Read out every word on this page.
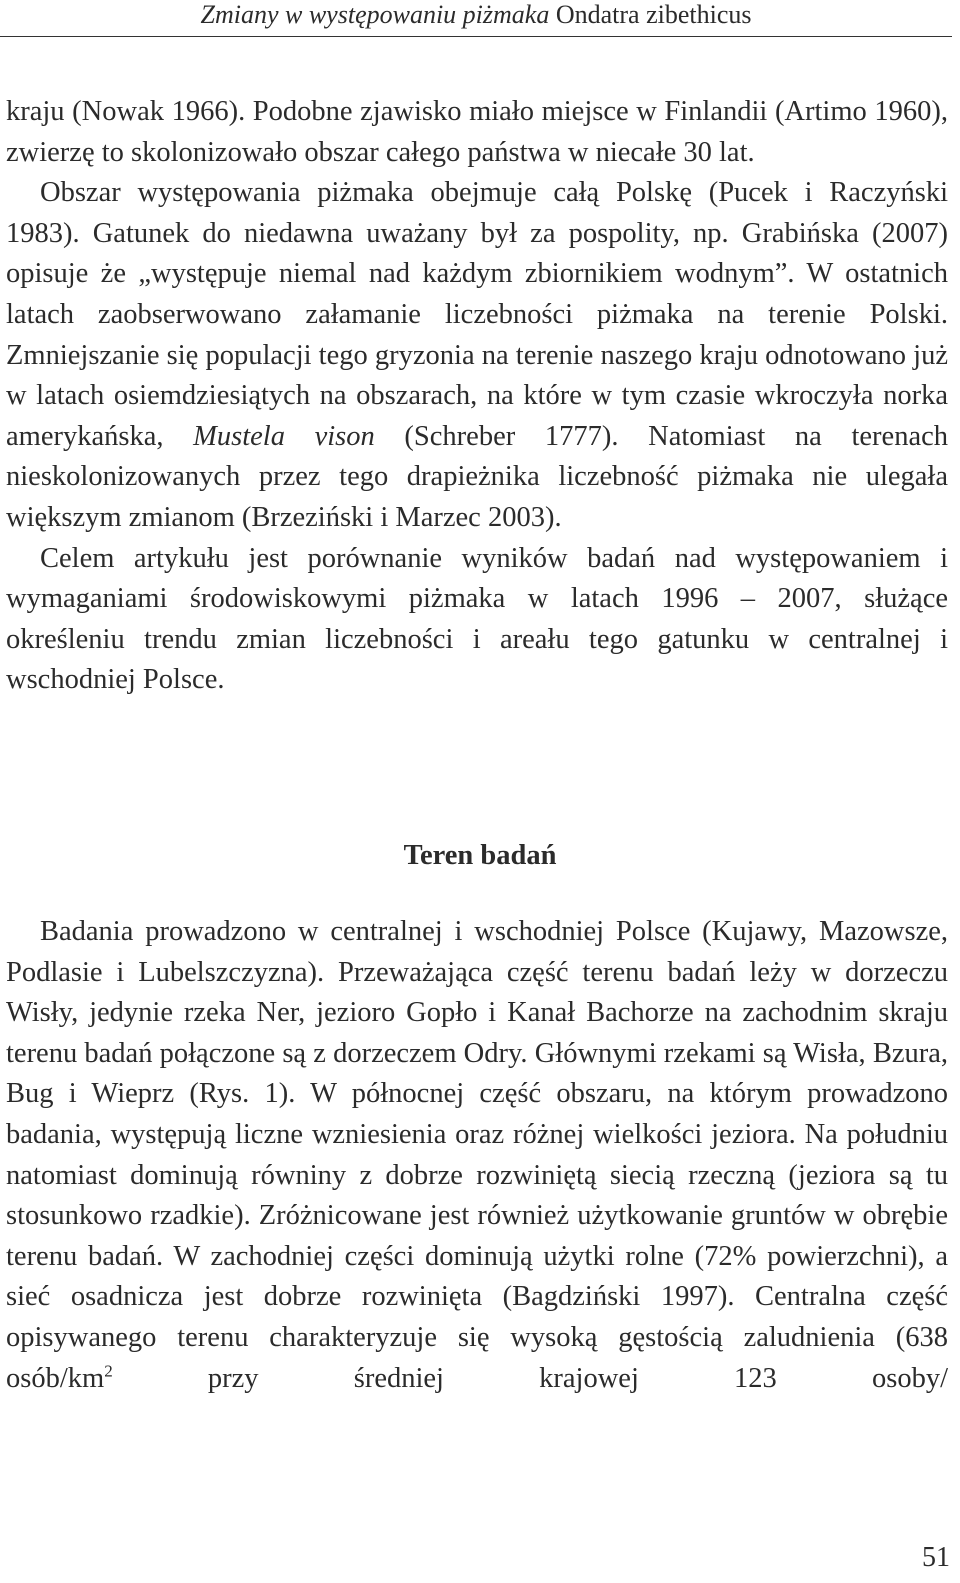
Zmiany w występowaniu piżmaka Ondatra zibethicus

kraju (Nowak 1966). Podobne zjawisko miało miejsce w Finlandii (Artimo 1960), zwierzę to skolonizowało obszar całego państwa w niecałe 30 lat.

Obszar występowania piżmaka obejmuje całą Polskę (Pucek i Raczyński 1983). Gatunek do niedawna uważany był za pospolity, np. Grabińska (2007) opisuje że „występuje niemal nad każdym zbiornikiem wodnym”. W ostatnich latach zaobserwowano załamanie liczebności piżmaka na terenie Polski. Zmniejszanie się populacji tego gryzonia na terenie naszego kraju odnotowano już w latach osiemdziesiątych na obszarach, na które w tym czasie wkroczyła norka amerykańska, Mustela vison (Schreber 1777). Natomiast na terenach nieskolonizowanych przez tego drapieżnika liczebność piżmaka nie ulegała większym zmianom (Brzeziński i Marzec 2003).

Celem artykułu jest porównanie wyników badań nad występowaniem i wymaganiami środowiskowymi piżmaka w latach 1996 – 2007, służące określeniu trendu zmian liczebności i areału tego gatunku w centralnej i wschodniej Polsce.

Teren badań

Badania prowadzono w centralnej i wschodniej Polsce (Kujawy, Mazowsze, Podlasie i Lubelszczyzna). Przeważająca część terenu badań leży w dorzeczu Wisły, jedynie rzeka Ner, jezioro Gopło i Kanał Bachorze na zachodnim skraju terenu badań połączone są z dorzeczem Odry. Głównymi rzekami są Wisła, Bzura, Bug i Wieprz (Rys. 1). W północnej część obszaru, na którym prowadzono badania, występują liczne wzniesienia oraz różnej wielkości jeziora. Na południu natomiast dominują równiny z dobrze rozwiniętą siecią rzeczną (jeziora są tu stosunkowo rzadkie). Zróżnicowane jest również użytkowanie gruntów w obrębie terenu badań. W zachodniej części dominują użytki rolne (72% powierzchni), a sieć osadnicza jest dobrze rozwinięta (Bagdziński 1997). Centralna część opisywanego terenu charakteryzuje się wysoką gęstością zaludnienia (638 osób/$km^2$ przy średniej krajowej 123 osoby/

51
